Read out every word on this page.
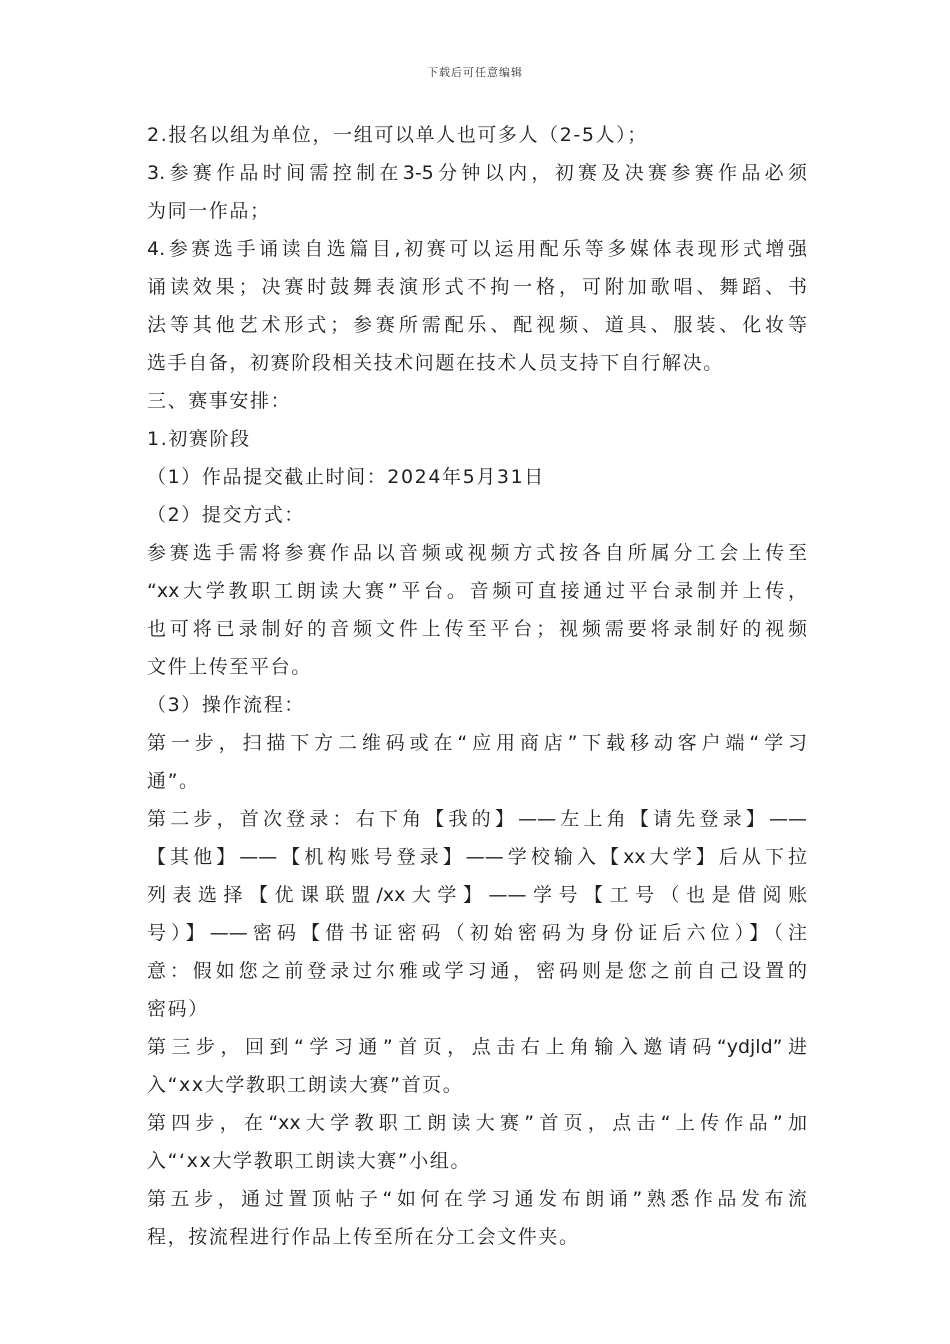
下载后可任意编辑
2.报名以组为单位，一组可以单人也可多人（2-5人）；
3.参赛作品时间需控制在3-5分钟以内，初赛及决赛参赛作品必须
为同一作品；
4.参赛选手诵读自选篇目,初赛可以运用配乐等多媒体表现形式增强
诵读效果；决赛时鼓舞表演形式不拘一格，可附加歌唱、舞蹈、书
法等其他艺术形式；参赛所需配乐、配视频、道具、服装、化妆等
选手自备，初赛阶段相关技术问题在技术人员支持下自行解决。
三、赛事安排：
1.初赛阶段
（1）作品提交截止时间：2024年5月31日
（2）提交方式：
参赛选手需将参赛作品以音频或视频方式按各自所属分工会上传至
“xx大学教职工朗读大赛”平台。音频可直接通过平台录制并上传，
也可将已录制好的音频文件上传至平台；视频需要将录制好的视频
文件上传至平台。
（3）操作流程：
第一步，扫描下方二维码或在“应用商店”下载移动客户端“学习
通”。
第二步，首次登录：右下角【我的】——左上角【请先登录】——
【其他】——【机构账号登录】——学校输入【xx大学】后从下拉
列表选择【优课联盟/xx大学】——学号【工号（也是借阅账
号）】——密码【借书证密码（初始密码为身份证后六位）】（注
意：假如您之前登录过尔雅或学习通，密码则是您之前自己设置的
密码）
第三步，回到“学习通”首页，点击右上角输入邀请码“ydjld”进
入“xx大学教职工朗读大赛”首页。
第四步，在“xx大学教职工朗读大赛”首页，点击“上传作品”加
入“‘xx大学教职工朗读大赛”小组。
第五步，通过置顶帖子“如何在学习通发布朗诵”熟悉作品发布流
程，按流程进行作品上传至所在分工会文件夹。
